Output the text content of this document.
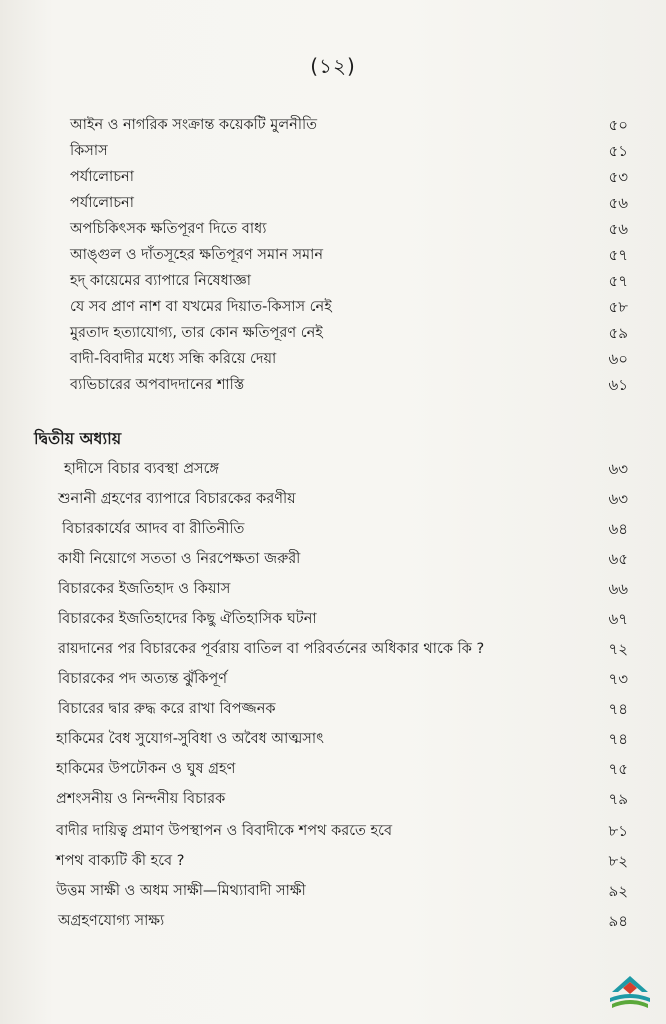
(১২)
আইন ও নাগরিক সংক্রান্ত কয়েকটি মুলনীতি	৫০
কিসাস	৫১
পর্যালোচনা	৫৩
পর্যালোচনা	৫৬
অপচিকিৎসক ক্ষতিপূরণ দিতে বাধ্য	৫৬
আঙ্গুল ও দাঁতসূহের ক্ষতিপূরণ সমান সমান	৫৭
হদ্ কায়েমের ব্যাপারে নিষেধাজ্ঞা	৫৭
যে সব প্রাণ নাশ বা যখমের দিয়াত-কিসাস নেই	৫৮
মুরতাদ হত্যাযোগ্য, তার কোন ক্ষতিপূরণ নেই	৫৯
বাদী-বিবাদীর মধ্যে সন্ধি করিয়ে দেয়া	৬০
ব্যভিচারের অপবাদদানের শাস্তি	৬১
দ্বিতীয় অধ্যায়
হাদীসে বিচার ব্যবস্থা প্রসঙ্গে	৬৩
শুনানী গ্রহণের ব্যাপারে বিচারকের করণীয়	৬৩
বিচারকার্যের আদব বা রীতিনীতি	৬৪
কাযী নিয়োগে সততা ও নিরপেক্ষতা জরুরী	৬৫
বিচারকের ইজতিহাদ ও কিয়াস	৬৬
বিচারকের ইজতিহাদের কিছু ঐতিহাসিক ঘটনা	৬৭
রায়দানের পর বিচারকের পূর্বরায় বাতিল বা পরিবর্তনের অধিকার থাকে কি ?	৭২
বিচারকের পদ অত্যন্ত ঝুঁকিপূর্ণ	৭৩
বিচারের দ্বার রুদ্ধ করে রাখা বিপজ্জনক	৭৪
হাকিমের বৈধ সুযোগ-সুবিধা ও অবৈধ আত্মসাৎ	৭৪
হাকিমের উপঢৌকন ও ঘুষ গ্রহণ	৭৫
প্রশংসনীয় ও নিন্দনীয় বিচারক	৭৯
বাদীর দায়িত্ব প্রমাণ উপস্থাপন ও বিবাদীকে শপথ করতে হবে	৮১
শপথ বাক্যটি কী হবে ?	৮২
উত্তম সাক্ষী ও অধম সাক্ষী—মিথ্যাবাদী সাক্ষী	৯২
অগ্রহণযোগ্য সাক্ষ্য	৯৪
